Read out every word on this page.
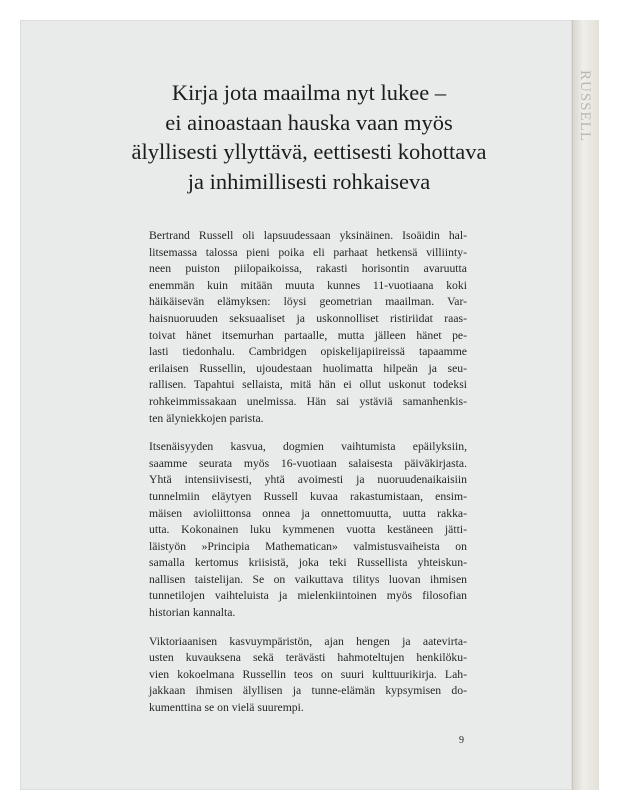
Kirja jota maailma nyt lukee –
ei ainoastaan hauska vaan myös
älyllisesti yllyttävä, eettisesti kohottava
ja inhimillisesti rohkaiseva
Bertrand Russell oli lapsuudessaan yksinäinen. Isoäidin hal-
litsemassa talossa pieni poika eli parhaat hetkensä villiinty-
neen puiston piilopaikoissa, rakasti horisontin avaruutta
enemmän kuin mitään muuta kunnes 11-vuotiaana koki
häikäisevän elämyksen: löysi geometrian maailman. Var-
haisnuoruuden seksuaaliset ja uskonnolliset ristiriidat raas-
toivat hänet itsemurhan partaalle, mutta jälleen hänet pe-
lasti tiedonhalu. Cambridgen opiskelijapiireissä tapaamme
erilaisen Russellin, ujoudestaan huolimatta hilpeän ja seu-
rallisen. Tapahtui sellaista, mitä hän ei ollut uskonut todeksi
rohkeimmissakaan unelmissa. Hän sai ystäviä samanhenkis-
ten älyniekkojen parista.
Itsenäisyyden kasvua, dogmien vaihtumista epäilyksiin,
saamme seurata myös 16-vuotiaan salaisesta päiväkirjasta.
Yhtä intensiivisesti, yhtä avoimesti ja nuoruudenaikaisiin
tunnelmiin eläytyen Russell kuvaa rakastumistaan, ensim-
mäisen avioliittonsa onnea ja onnettomuutta, uutta rakka-
utta. Kokonainen luku kymmenen vuotta kestäneen jätti-
läistyön »Principia Mathematican» valmistusvaiheista on
samalla kertomus kriisistä, joka teki Russellista yhteiskun-
nallisen taistelijan. Se on vaikuttava tilitys luovan ihmisen
tunnetilojen vaihteluista ja mielenkiintoinen myös filosofian
historian kannalta.
Viktoriaanisen kasvuympäristön, ajan hengen ja aatevirta-
usten kuvauksena sekä terävästi hahmoteltujen henkilöku-
vien kokoelmana Russellin teos on suuri kulttuurikirja. Lah-
jakkaan ihmisen älyllisen ja tunne-elämän kypsymisen do-
kumenttina se on vielä suurempi.
9
RUSSELL
